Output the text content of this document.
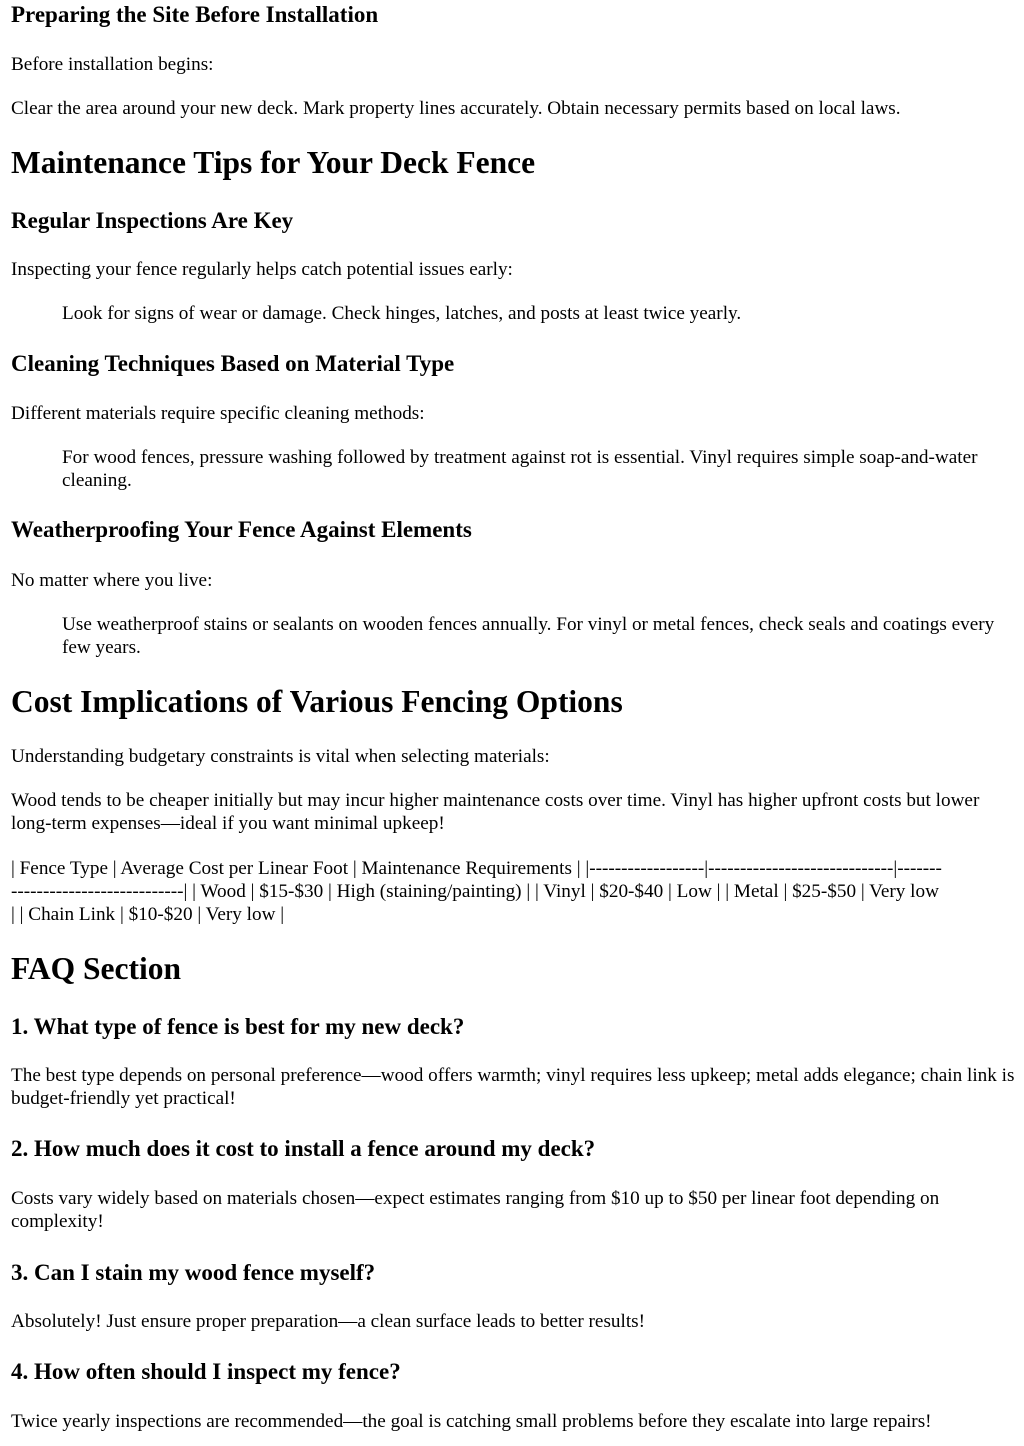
Preparing the Site Before Installation

Before installation begins:

Clear the area around your new deck. Mark property lines accurately. Obtain necessary permits based on local laws.

Maintenance Tips for Your Deck Fence
Regular Inspections Are Key

Inspecting your fence regularly helps catch potential issues early:

Look for signs of wear or damage. Check hinges, latches, and posts at least twice yearly.
Cleaning Techniques Based on Material Type

Different materials require specific cleaning methods:

For wood fences, pressure washing followed by treatment against rot is essential. Vinyl requires simple soap-and-water cleaning.
Weatherproofing Your Fence Against Elements

No matter where you live:

Use weatherproof stains or sealants on wooden fences annually. For vinyl or metal fences, check seals and coatings every few years.
Cost Implications of Various Fencing Options

Understanding budgetary constraints is vital when selecting materials:

Wood tends to be cheaper initially but may incur higher maintenance costs over time. Vinyl has higher upfront costs but lower long-term expenses—ideal if you want minimal upkeep!

| Fence Type | Average Cost per Linear Foot | Maintenance Requirements | |------------------|-----------------------------|-------

---------------------------| | Wood | $15-$30 | High (staining/painting) | | Vinyl | $20-$40 | Low | | Metal | $25-$50 | Very low

| | Chain Link | $10-$20 | Very low |

FAQ Section
1. What type of fence is best for my new deck?

The best type depends on personal preference—wood offers warmth; vinyl requires less upkeep; metal adds elegance; chain link is budget-friendly yet practical!

2. How much does it cost to install a fence around my deck?

Costs vary widely based on materials chosen—expect estimates ranging from $10 up to $50 per linear foot depending on complexity!

3. Can I stain my wood fence myself?

Absolutely! Just ensure proper preparation—a clean surface leads to better results!

4. How often should I inspect my fence?

Twice yearly inspections are recommended—the goal is catching small problems before they escalate into large repairs!
